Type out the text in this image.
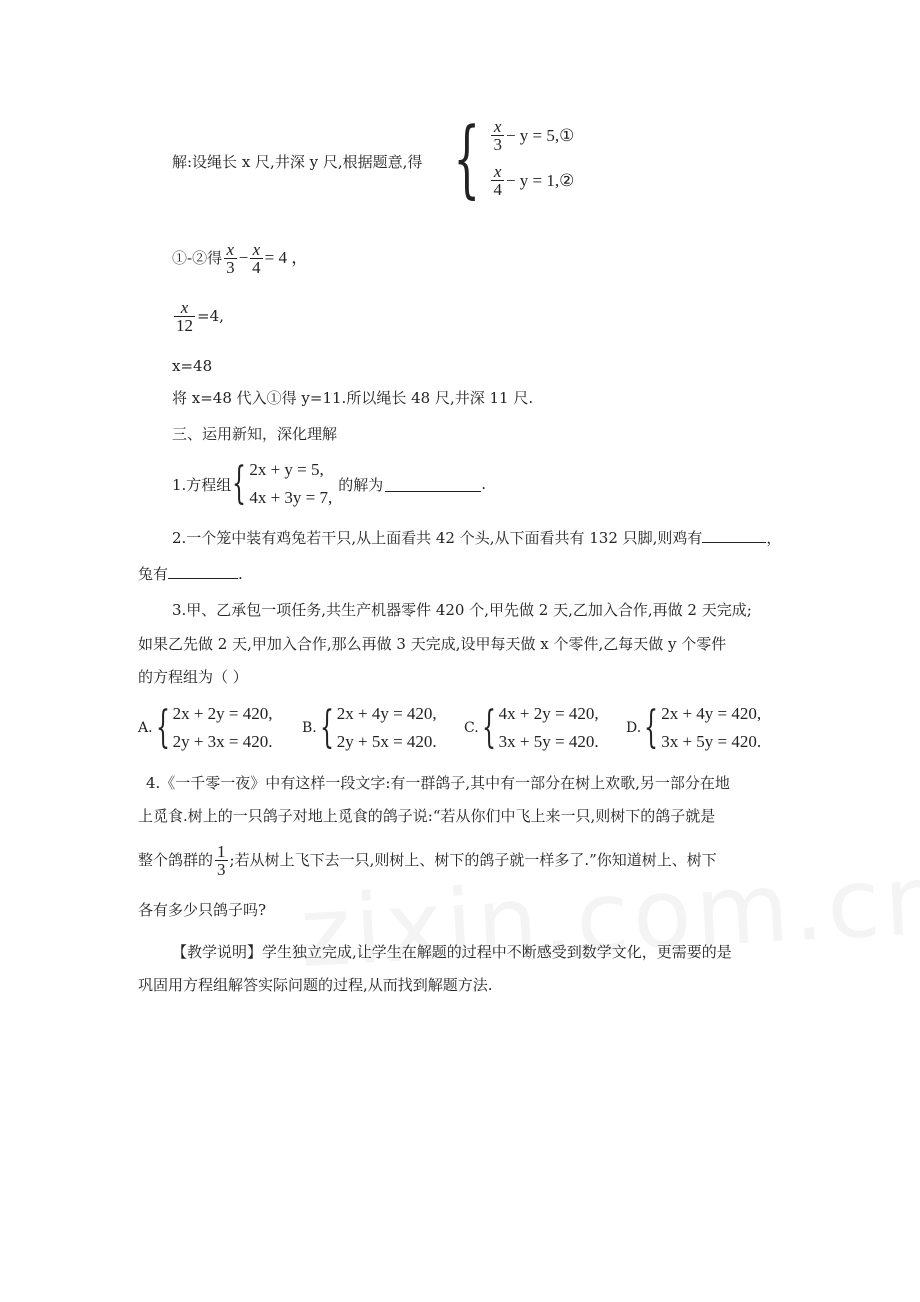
解:设绳长 x 尺,井深 y 尺,根据题意,得 { $\frac{x}{3} - y$ = 5,①
$\frac{x}{4} - y$ = 1,②
①-②得 $\frac{x}{3} - \frac{x}{4} = 4$ ，
$\frac{x}{12} =4$,
x=48
将 x=48 代入①得 y=11.所以绳长 48 尺,井深 11 尺.
三、运用新知，深化理解
1.方程组 { 2x + y = 5,
4x + 3y = 7,
的解为	.
2.一个笼中装有鸡兔若干只,从上面看共 42 个头,从下面看共有 132 只脚,则鸡有	，
兔有	.
3.甲、乙承包一项任务,共生产机器零件 420 个,甲先做 2 天,乙加入合作,再做 2 天完成;
如果乙先做 2 天,甲加入合作,那么再做 3 天完成,设甲每天做 x 个零件,乙每天做 y 个零件
的方程组为（ ）
A. { 2x + 2y = 420,
2y + 3x = 420.
B. { 2x + 4y = 420,
2y + 5x = 420.
C. { 4x + 2y = 420,
3x + 5y = 420.
D. { 2x + 4y = 420,
3x + 5y = 420.
4.《一千零一夜》中有这样一段文字:有一群鸽子,其中有一部分在树上欢歌,另一部分在地
上觅食.树上的一只鸽子对地上觅食的鸽子说:“若从你们中飞上来一只,则树下的鸽子就是
整个鸽群的 $\frac{1}{3}$ ;若从树上飞下去一只,则树上、树下的鸽子就一样多了.”你知道树上、树下
各有多少只鸽子吗?
【教学说明】学生独立完成,让学生在解题的过程中不断感受到数学文化，更需要的是
巩固用方程组解答实际问题的过程,从而找到解题方法.
